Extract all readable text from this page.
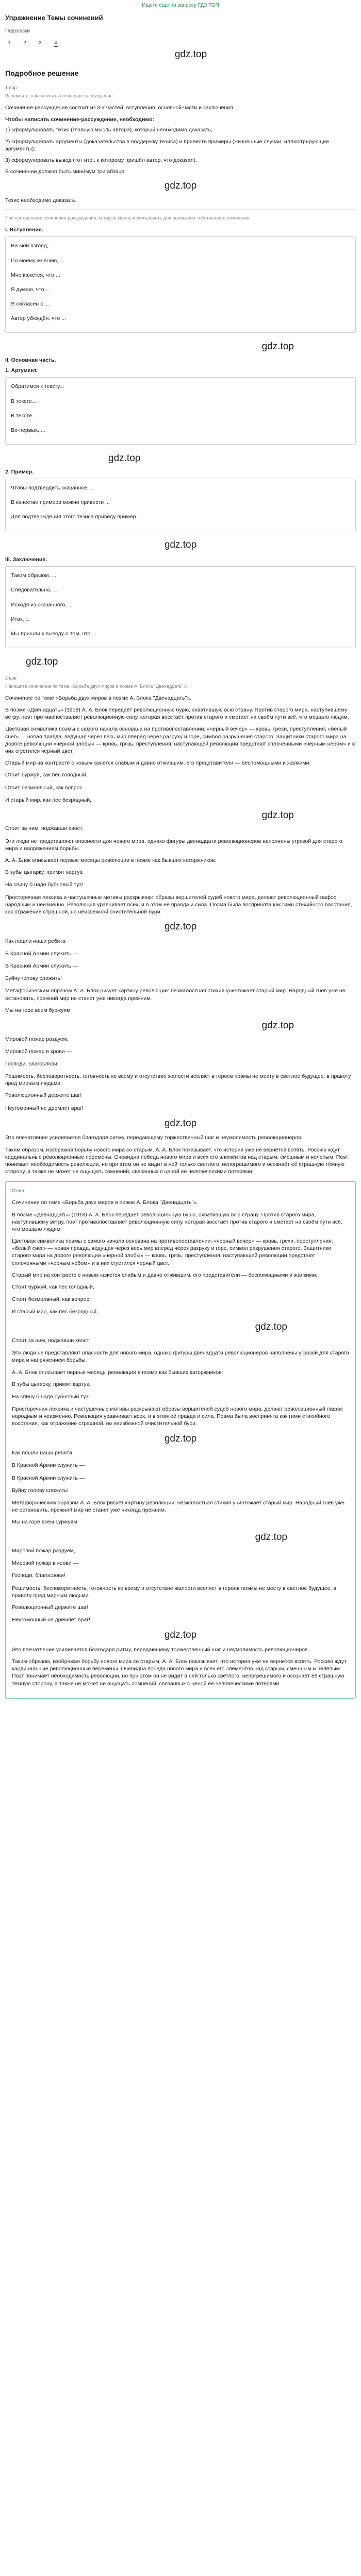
Ищете еще по запросу ГДЗ ТОП
Упражнение Темы сочинений
Подсказки
1	2	3	4
gdz.top
Подробное решение
1 пар
Вспомните, как написать сочинение-рассуждение.
Сочинение-рассуждение состоит из 3-х частей: вступления, основной части и заключения.
Чтобы написать сочинение-рассуждение, необходимо:
1) сформулировать тезис (главную мысль автора), который необходимо доказать;
2) сформулировать аргументы (доказательства в поддержку тезиса) и привести примеры (жизненные случаи, иллюстрирующие аргументы);
3) сформулировать вывод (тот итог, к которому пришёл автор, что доказал).
В сочинении должно быть минимум три абзаца.
gdz.top
Тезис необходимо доказать.
При составлении сочинения-рассуждения, которые можно использовать для написания собственного сочинения:
I. Вступление.
На мой взгляд, ...
По моему мнению, ...
Мне кажется, что ...
Я думаю, что ...
Я согласен с ...
Автор убеждён, что ...
gdz.top
II. Основная часть.
1. Аргумент.
Обратимся к тексту...
В тексте...
В тексте...
Во-первых, ...
gdz.top
2. Пример.
Чтобы подтвердить сказанное, ...
В качестве примера можно привести ...
Для подтверждения этого тезиса приведу пример ...
gdz.top
III. Заключение.
Таким образом, ...
Следовательно, ...
Исходя из сказанного, ...
Итак, ...
Мы пришли к выводу о том, что ...
gdz.top
2 шаг
Напишите сочинение по теме «Борьба двух миров в поэме А. Блока "Двенадцать"».
Сочинение по теме «Борьба двух миров в поэме А. Блока "Двенадцать"».
В поэме «Двенадцать» (1918) А. А. Блок передаёт революционную бурю, охватившую всю страну. Против старого мира, наступившему ветру, поэт противопоставляет революционную силу, которая восстаёт против старого и сметает на своём пути всё, что мешало людям.
Цветовая символика поэмы с самого начала основана на противопоставлении: «черный вечер» — кровь, грехи, преступления; «белый снег» — новая правда, ведущая через весь мир вперёд через разруху и горе, символ разрушения старого. Защитники старого мира на дороге революции «черной злобы» — кровь, грязь, преступления, наступающей революции предстают сплоченными «черным небом» и в них сгустился черный цвет.
Старый мир на контрасте с новым кажется слабым и давно отжившим, его представители — беспомощными и жалкими.
Стоит буржуй, как пес голодный,
Стоит безмолвный, как вопрос.
И старый мир, как пес безродный,
gdz.top
Стоит за ним, поджавши хвост.
Эти люди не представляют опасности для нового мира, однако фигуры двенадцати революционеров наполнены угрозой для старого мира и напряжением борьбы.
А. А. Блок описывает первые месяцы революции в поэме как бывших каторжников:
В зубы цыгарку, примят картуз,
На спину б надо бубновый туз!
Просторечная лексика и частушечные мотивы раскрывают образы вершителей судеб нового мира, делают революционный пафос народным и неизменно. Революция уравнивает всех, и в этом её правда и сила. Поэма была воспринята как гимн стихийного восстания, как отражение страшной, но неизбежной очистительной бури.
gdz.top
Как пошли наши ребята
В Красной Армии служить —
В Красной Армии служить —
Буйну голову сложить!
Метафорическим образом А. А. Блок рисует картину революции: безжалостная стихия уничтожает старый мир. Народный гнев уже не остановить, прежний мир не станет уже никогда прежним.
Мы на горе всем буржуям
gdz.top
Мировой пожар раздуем,
Мировой пожар в крови —
Господи, благослови!
Решимость, бесповоротность, готовность ко всему и отсутствие жалости вселяет в героев поэмы не месту в светлое будущее, в правоту пред мирным людьми.
Революционный держите шаг!
Неугомонный не дремлет враг!
gdz.top
Это впечатление усиливается благодаря ритму, передающему торжественный шаг и неумолимость революционеров.
Таким образом, изображая борьбу нового мира со старым, А. А. Блок показывает, что история уже не вернётся вспять. Россию ждут кардинальные революционные перемены. Очевидна победа нового мира и всех его элементов над старым, смешным и нелепым. Поэт понимает необходимость революции, но при этом он не видит в ней только светлого, непогрешимого и осознаёт её страшную тёмную сторону, а также не может не ощущать сомнений, связанных с ценой её человеческими потерями.
Ответ
Сочинение по теме «Борьба двух миров в поэме А. Блока "Двенадцать"».
В поэме «Двенадцать» (1918) А. А. Блок передаёт революционную бурю, охватившую всю страну. Против старого мира, наступившему ветру, поэт противопоставляет революционную силу, которая восстаёт против старого и сметает на своём пути всё, что мешало людям.
Цветовая символика поэмы с самого начала основана на противопоставлении: «черный вечер» — кровь, грехи, преступления; «белый снег» — новая правда, ведущая через весь мир вперёд через разруху и горе, символ разрушения старого. Защитники старого мира на дороге революции «черной злобы» — кровь, грязь, преступления, наступающей революции предстают сплоченными «черным небом» и в них сгустился черный цвет.
Старый мир на контрасте с новым кажется слабым и давно отжившим, его представители — беспомощными и жалкими.
Стоит буржуй, как пес голодный,
Стоит безмолвный, как вопрос.
И старый мир, как пес безродный,
gdz.top
Стоит за ним, поджавши хвост.
Эти люди не представляют опасности для нового мира, однако фигуры двенадцати революционеров наполнены угрозой для старого мира и напряжением борьбы.
А. А. Блок описывает первые месяцы революции в поэме как бывших каторжников:
В зубы цыгарку, примят картуз,
На спину б надо бубновый туз!
Просторечная лексика и частушечные мотивы раскрывают образы вершителей судеб нового мира, делают революционный пафос народным и неизменно. Революция уравнивает всех, и в этом её правда и сила. Поэма была воспринята как гимн стихийного восстания, как отражение страшной, но неизбежной очистительной бури.
gdz.top
Как пошли наши ребята
В Красной Армии служить —
В Красной Армии служить —
Буйну голову сложить!
Метафорическим образом А. А. Блок рисует картину революции: безжалостная стихия уничтожает старый мир. Народный гнев уже не остановить, прежний мир не станет уже никогда прежним.
Мы на горе всем буржуям
gdz.top
Мировой пожар раздуем,
Мировой пожар в крови —
Господи, благослови!
Решимость, бесповоротность, готовность ко всему и отсутствие жалости вселяет в героев поэмы не месту в светлое будущее, в правоту пред мирным людьми.
Революционный держите шаг!
Неугомонный не дремлет враг!
gdz.top
Это впечатление усиливается благодаря ритму, передающему торжественный шаг и неумолимость революционеров.
Таким образом, изображая борьбу нового мира со старым, А. А. Блок показывает, что история уже не вернётся вспять. Россию ждут кардинальные революционные перемены. Очевидна победа нового мира и всех его элементов над старым, смешным и нелепым. Поэт понимает необходимость революции, но при этом он не видит в ней только светлого, непогрешимого и осознаёт её страшную тёмную сторону, а также не может не ощущать сомнений, связанных с ценой её человеческими потерями.
